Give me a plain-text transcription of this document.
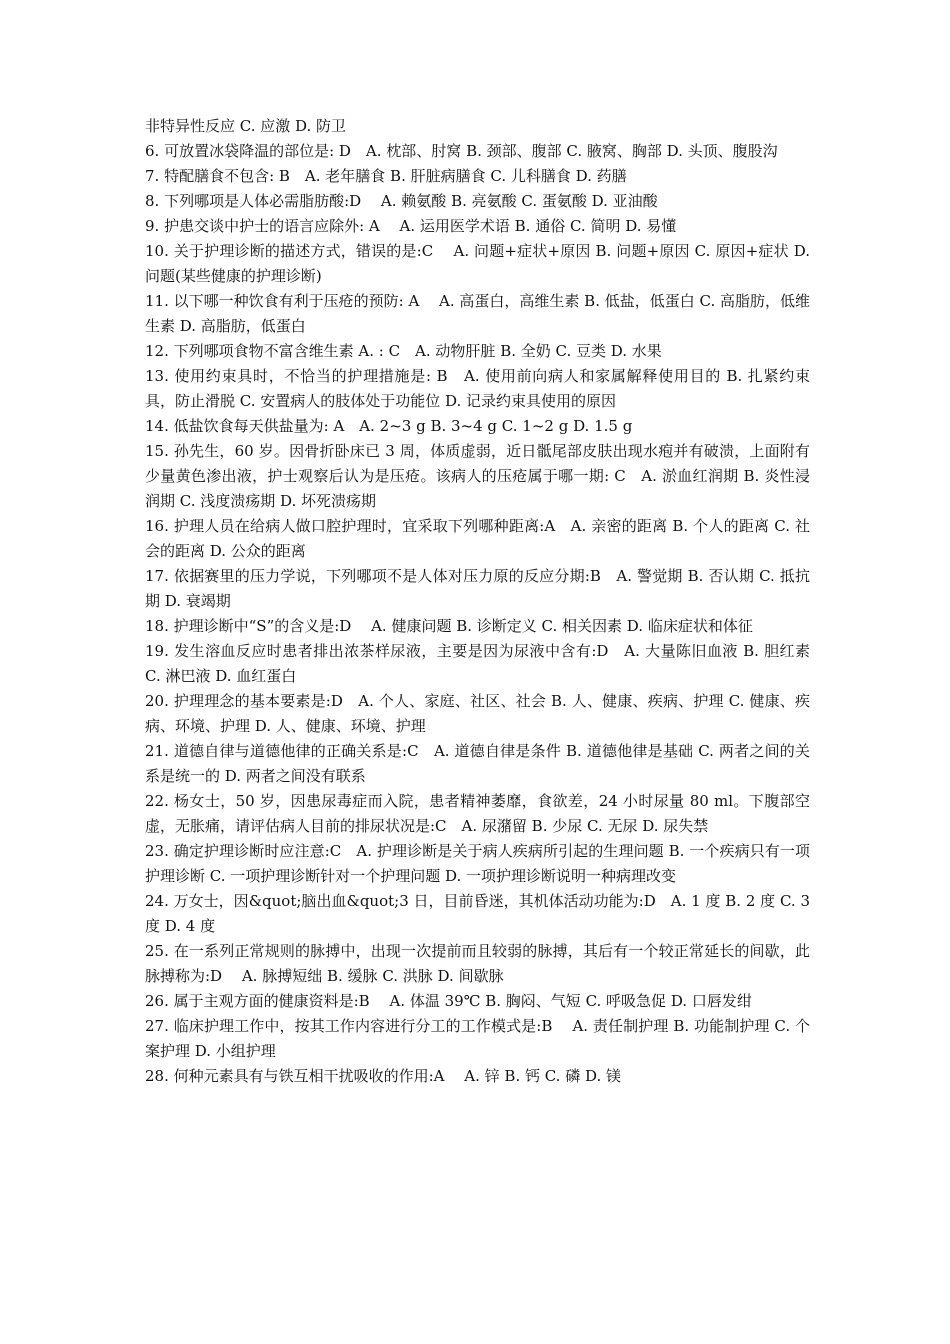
非特异性反应 C. 应激 D. 防卫

6. 可放置冰袋降温的部位是: D　A. 枕部、肘窝 B. 颈部、腹部 C. 腋窝、胸部 D. 头顶、腹股沟

7. 特配膳食不包含: B　A. 老年膳食 B. 肝脏病膳食 C. 儿科膳食 D. 药膳

8. 下列哪项是人体必需脂肪酸:D　 A. 赖氨酸 B. 亮氨酸 C. 蛋氨酸 D. 亚油酸

9. 护患交谈中护士的语言应除外: A　 A. 运用医学术语 B. 通俗 C. 简明 D. 易懂

10. 关于护理诊断的描述方式，错误的是:C　 A. 问题+症状+原因 B. 问题+原因 C. 原因+症状 D. 问题(某些健康的护理诊断)

11. 以下哪一种饮食有利于压疮的预防: A　 A. 高蛋白，高维生素 B. 低盐，低蛋白 C. 高脂肪，低维生素 D. 高脂肪，低蛋白

12. 下列哪项食物不富含维生素 A. : C　A. 动物肝脏 B. 全奶 C. 豆类 D. 水果

13. 使用约束具时，不恰当的护理措施是: B　A. 使用前向病人和家属解释使用目的 B. 扎紧约束具，防止滑脱 C. 安置病人的肢体处于功能位 D. 记录约束具使用的原因

14. 低盐饮食每天供盐量为: A　A. 2~3 g B. 3~4 g C. 1~2 g D. 1.5 g

15. 孙先生，60 岁。因骨折卧床已 3 周，体质虚弱，近日骶尾部皮肤出现水疱并有破溃，上面附有少量黄色渗出液，护士观察后认为是压疮。该病人的压疮属于哪一期: C　A. 淤血红润期 B. 炎性浸润期 C. 浅度溃疡期 D. 坏死溃疡期

16. 护理人员在给病人做口腔护理时，宜采取下列哪种距离:A　A. 亲密的距离 B. 个人的距离 C. 社会的距离 D. 公众的距离

17. 依据赛里的压力学说，下列哪项不是人体对压力原的反应分期:B　A. 警觉期 B. 否认期 C. 抵抗期 D. 衰竭期

18. 护理诊断中“S”的含义是:D　 A. 健康问题 B. 诊断定义 C. 相关因素 D. 临床症状和体征

19. 发生溶血反应时患者排出浓茶样尿液，主要是因为尿液中含有:D　A. 大量陈旧血液 B. 胆红素 C. 淋巴液 D. 血红蛋白

20. 护理理念的基本要素是:D　A. 个人、家庭、社区、社会 B. 人、健康、疾病、护理 C. 健康、疾病、环境、护理 D. 人、健康、环境、护理

21. 道德自律与道德他律的正确关系是:C　A. 道德自律是条件 B. 道德他律是基础 C. 两者之间的关系是统一的 D. 两者之间没有联系

22. 杨女士，50 岁，因患尿毒症而入院，患者精神萎靡，食欲差，24 小时尿量 80 ml。下腹部空虚，无胀痛，请评估病人目前的排尿状况是:C　A. 尿潴留 B. 少尿 C. 无尿 D. 尿失禁

23. 确定护理诊断时应注意:C　A. 护理诊断是关于病人疾病所引起的生理问题 B. 一个疾病只有一项护理诊断 C. 一项护理诊断针对一个护理问题 D. 一项护理诊断说明一种病理改变

24. 万女士，因&quot;脑出血&quot;3 日，目前昏迷，其机体活动功能为:D　A. 1 度 B. 2 度 C. 3 度 D. 4 度

25. 在一系列正常规则的脉搏中，出现一次提前而且较弱的脉搏，其后有一个较正常延长的间歇，此脉搏称为:D　 A. 脉搏短绌 B. 缓脉 C. 洪脉 D. 间歇脉

26. 属于主观方面的健康资料是:B　 A. 体温 39℃ B. 胸闷、气短 C. 呼吸急促 D. 口唇发绀

27. 临床护理工作中，按其工作内容进行分工的工作模式是:B　 A. 责任制护理 B. 功能制护理 C. 个案护理 D. 小组护理

28. 何种元素具有与铁互相干扰吸收的作用:A　 A. 锌 B. 钙 C. 磷 D. 镁
